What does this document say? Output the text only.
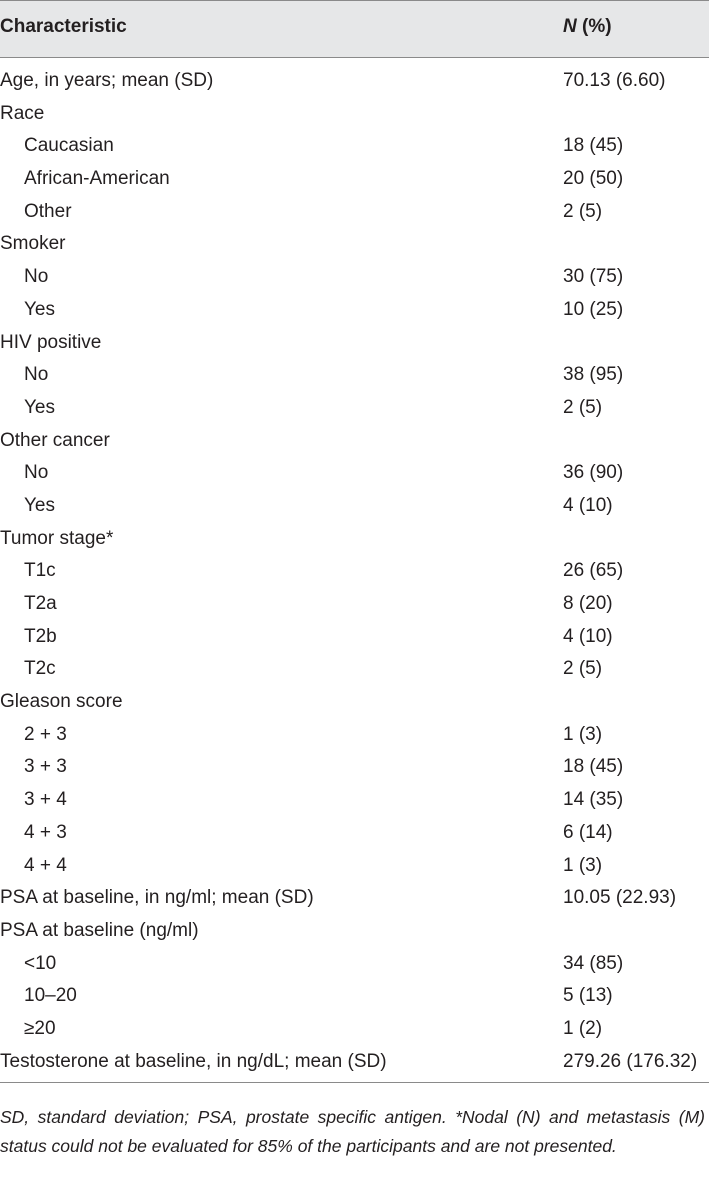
Characteristic	N (%)
Age, in years; mean (SD)	70.13 (6.60)
Race
Caucasian	18 (45)
African-American	20 (50)
Other	2 (5)
Smoker
No	30 (75)
Yes	10 (25)
HIV positive
No	38 (95)
Yes	2 (5)
Other cancer
No	36 (90)
Yes	4 (10)
Tumor stage*
T1c	26 (65)
T2a	8 (20)
T2b	4 (10)
T2c	2 (5)
Gleason score
2 + 3	1 (3)
3 + 3	18 (45)
3 + 4	14 (35)
4 + 3	6 (14)
4 + 4	1 (3)
PSA at baseline, in ng/ml; mean (SD)	10.05 (22.93)
PSA at baseline (ng/ml)
<10	34 (85)
10–20	5 (13)
≥20	1 (2)
Testosterone at baseline, in ng/dL; mean (SD)	279.26 (176.32)
SD, standard deviation; PSA, prostate specific antigen. *Nodal (N) and metastasis (M) status could not be evaluated for 85% of the participants and are not presented.
